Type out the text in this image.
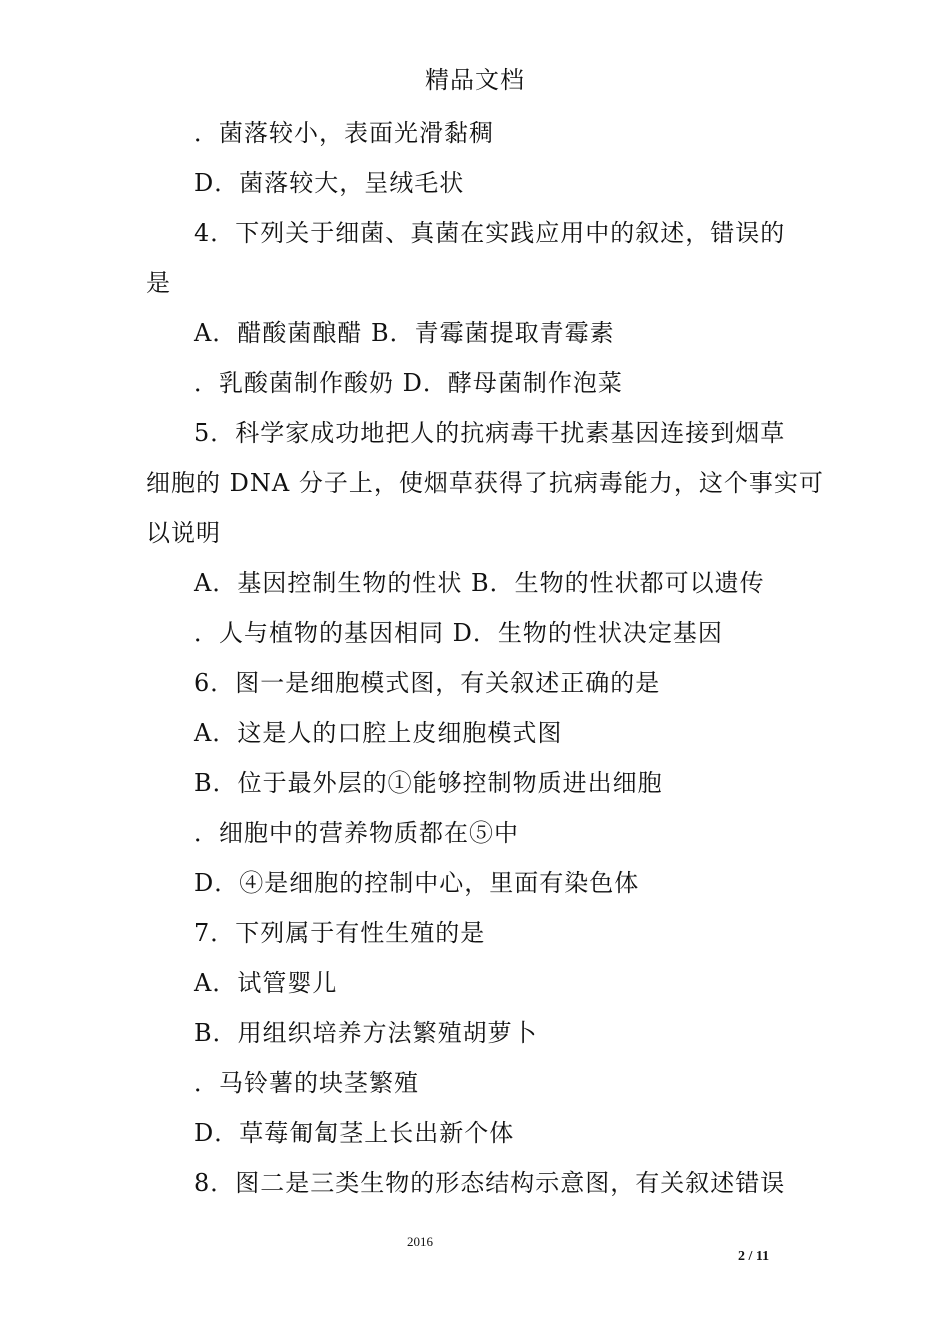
精品文档
．菌落较小，表面光滑黏稠
D．菌落较大，呈绒毛状
4．下列关于细菌、真菌在实践应用中的叙述，错误的
是
A．醋酸菌酿醋 B．青霉菌提取青霉素
．乳酸菌制作酸奶 D．酵母菌制作泡菜
5．科学家成功地把人的抗病毒干扰素基因连接到烟草
细胞的 DNA 分子上，使烟草获得了抗病毒能力，这个事实可
以说明
A．基因控制生物的性状 B．生物的性状都可以遗传
．人与植物的基因相同 D．生物的性状决定基因
6．图一是细胞模式图，有关叙述正确的是
A．这是人的口腔上皮细胞模式图
B．位于最外层的①能够控制物质进出细胞
．细胞中的营养物质都在⑤中
D．④是细胞的控制中心，里面有染色体
7．下列属于有性生殖的是
A．试管婴儿
B．用组织培养方法繁殖胡萝卜
．马铃薯的块茎繁殖
D．草莓匍匐茎上长出新个体
8．图二是三类生物的形态结构示意图，有关叙述错误
2016
2 / 11
